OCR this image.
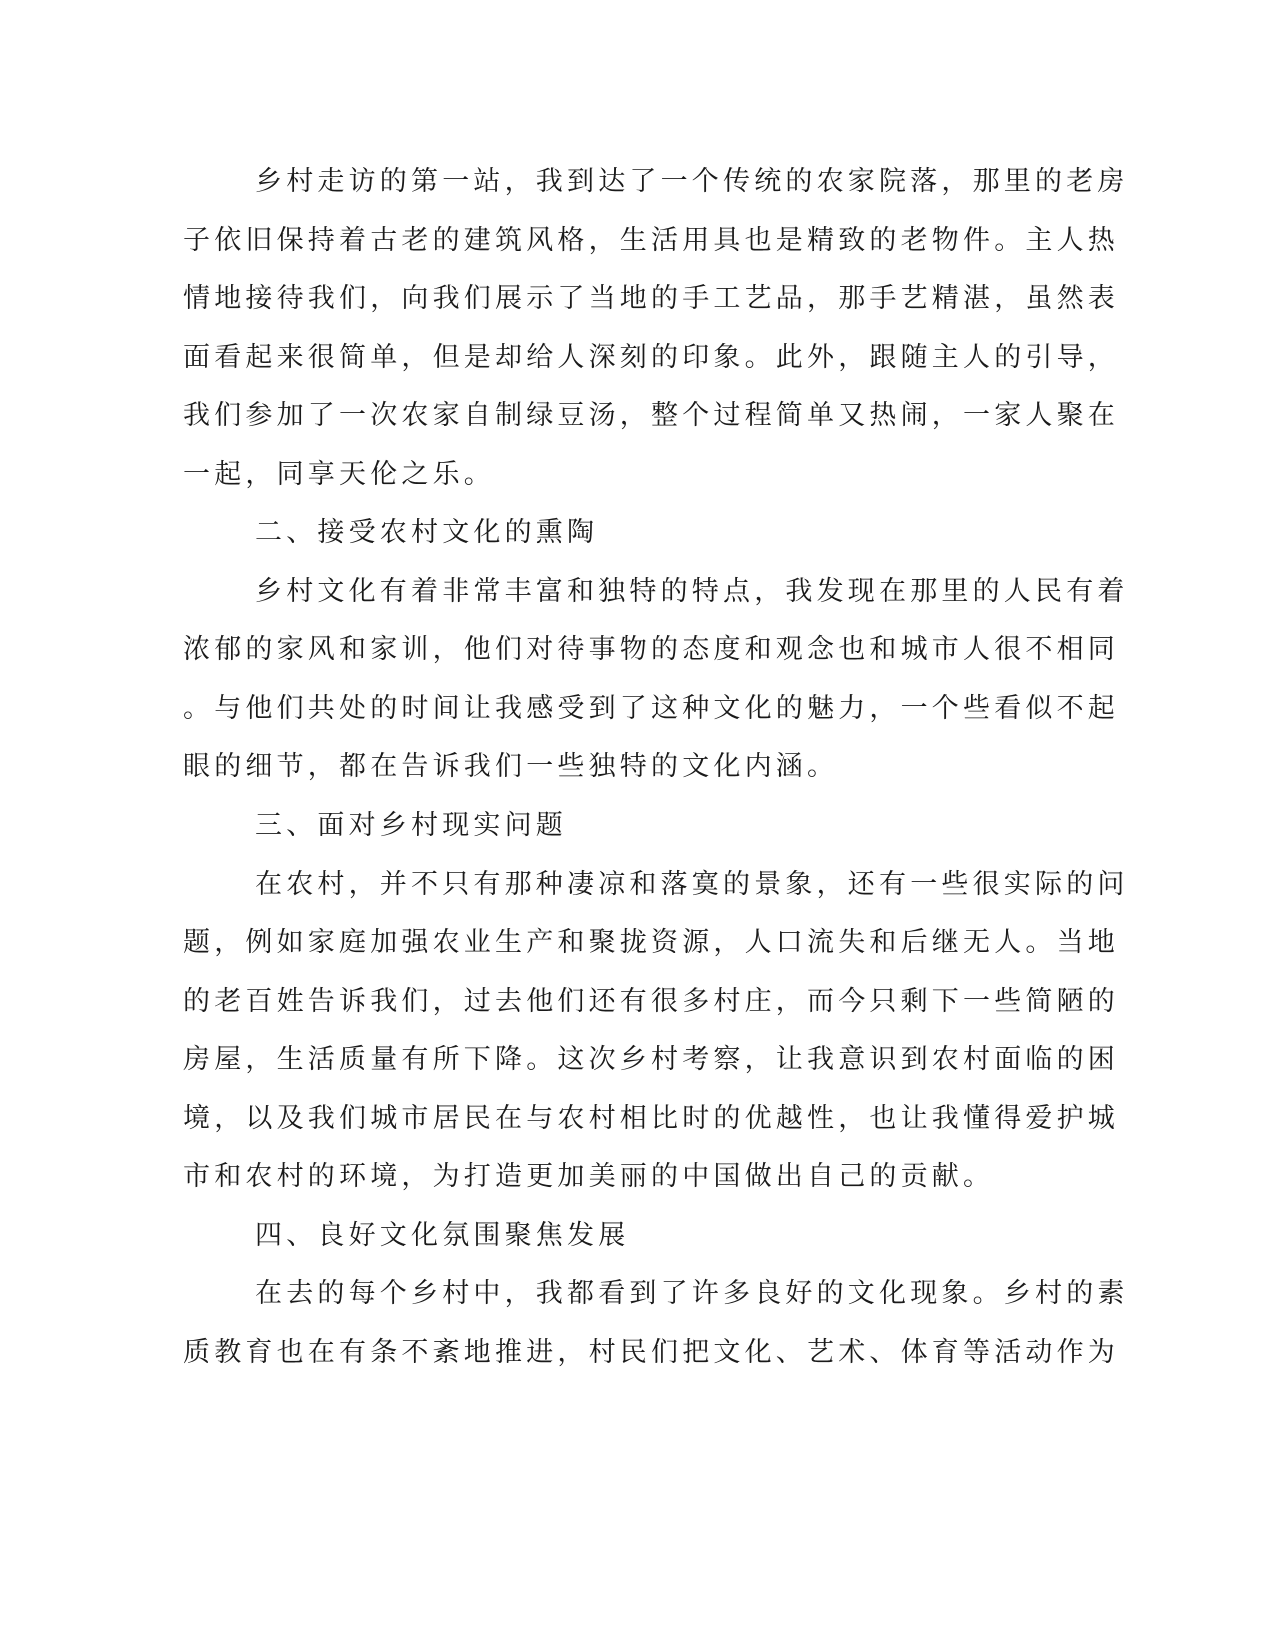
乡村走访的第一站，我到达了一个传统的农家院落，那里的老房

子依旧保持着古老的建筑风格，生活用具也是精致的老物件。主人热

情地接待我们，向我们展示了当地的手工艺品，那手艺精湛，虽然表

面看起来很简单，但是却给人深刻的印象。此外，跟随主人的引导，

我们参加了一次农家自制绿豆汤，整个过程简单又热闹，一家人聚在

一起，同享天伦之乐。

二、接受农村文化的熏陶

乡村文化有着非常丰富和独特的特点，我发现在那里的人民有着

浓郁的家风和家训，他们对待事物的态度和观念也和城市人很不相同

。与他们共处的时间让我感受到了这种文化的魅力，一个些看似不起

眼的细节，都在告诉我们一些独特的文化内涵。

三、面对乡村现实问题

在农村，并不只有那种凄凉和落寞的景象，还有一些很实际的问

题，例如家庭加强农业生产和聚拢资源，人口流失和后继无人。当地

的老百姓告诉我们，过去他们还有很多村庄，而今只剩下一些简陋的

房屋，生活质量有所下降。这次乡村考察，让我意识到农村面临的困

境，以及我们城市居民在与农村相比时的优越性，也让我懂得爱护城

市和农村的环境，为打造更加美丽的中国做出自己的贡献。

四、良好文化氛围聚焦发展

在去的每个乡村中，我都看到了许多良好的文化现象。乡村的素

质教育也在有条不紊地推进，村民们把文化、艺术、体育等活动作为
